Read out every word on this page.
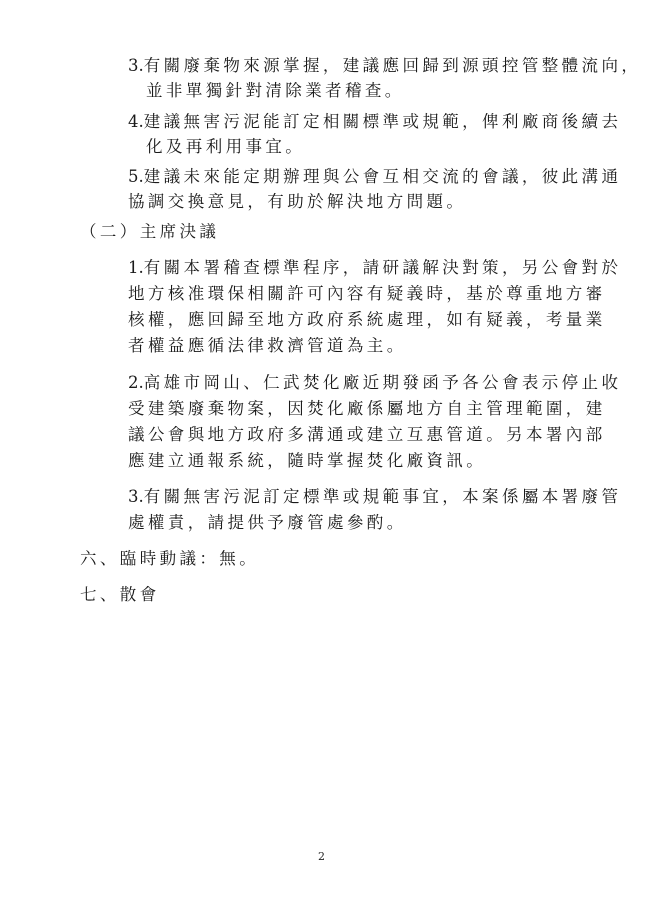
3.有關廢棄物來源掌握，建議應回歸到源頭控管整體流向，
並非單獨針對清除業者稽查。
4.建議無害污泥能訂定相關標準或規範，俾利廠商後續去
化及再利用事宜。
5.建議未來能定期辦理與公會互相交流的會議，彼此溝通
協調交換意見，有助於解決地方問題。
（二）主席決議
1.有關本署稽查標準程序，請研議解決對策，另公會對於
地方核准環保相關許可內容有疑義時，基於尊重地方審
核權，應回歸至地方政府系統處理，如有疑義，考量業
者權益應循法律救濟管道為主。
2.高雄市岡山、仁武焚化廠近期發函予各公會表示停止收
受建築廢棄物案，因焚化廠係屬地方自主管理範圍，建
議公會與地方政府多溝通或建立互惠管道。另本署內部
應建立通報系統，隨時掌握焚化廠資訊。
3.有關無害污泥訂定標準或規範事宜，本案係屬本署廢管
處權責，請提供予廢管處參酌。
六、臨時動議：無。
七、散會
2
